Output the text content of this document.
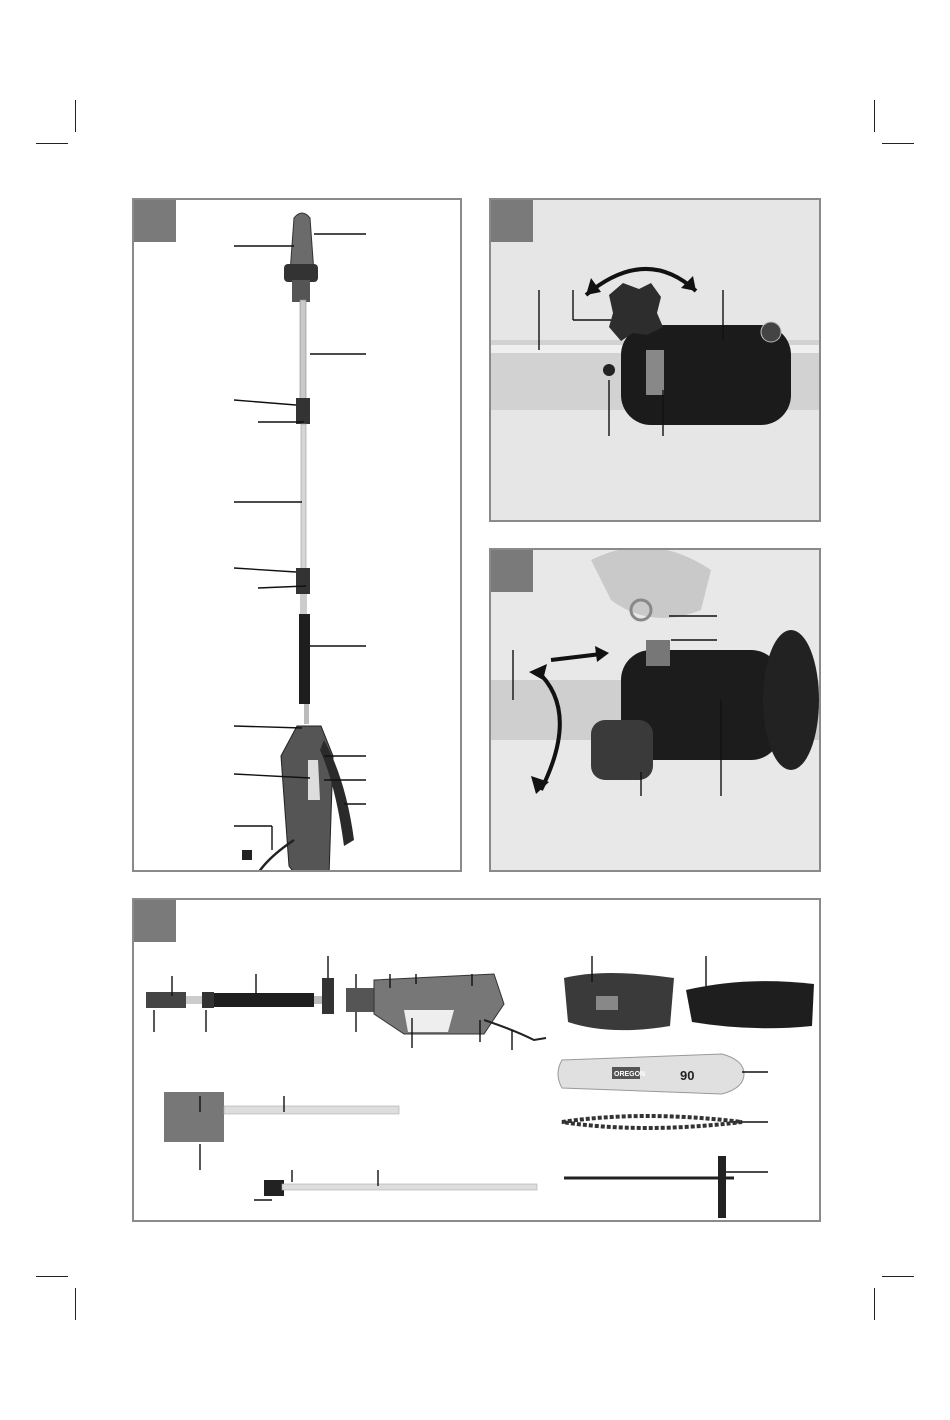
OREGON	90
